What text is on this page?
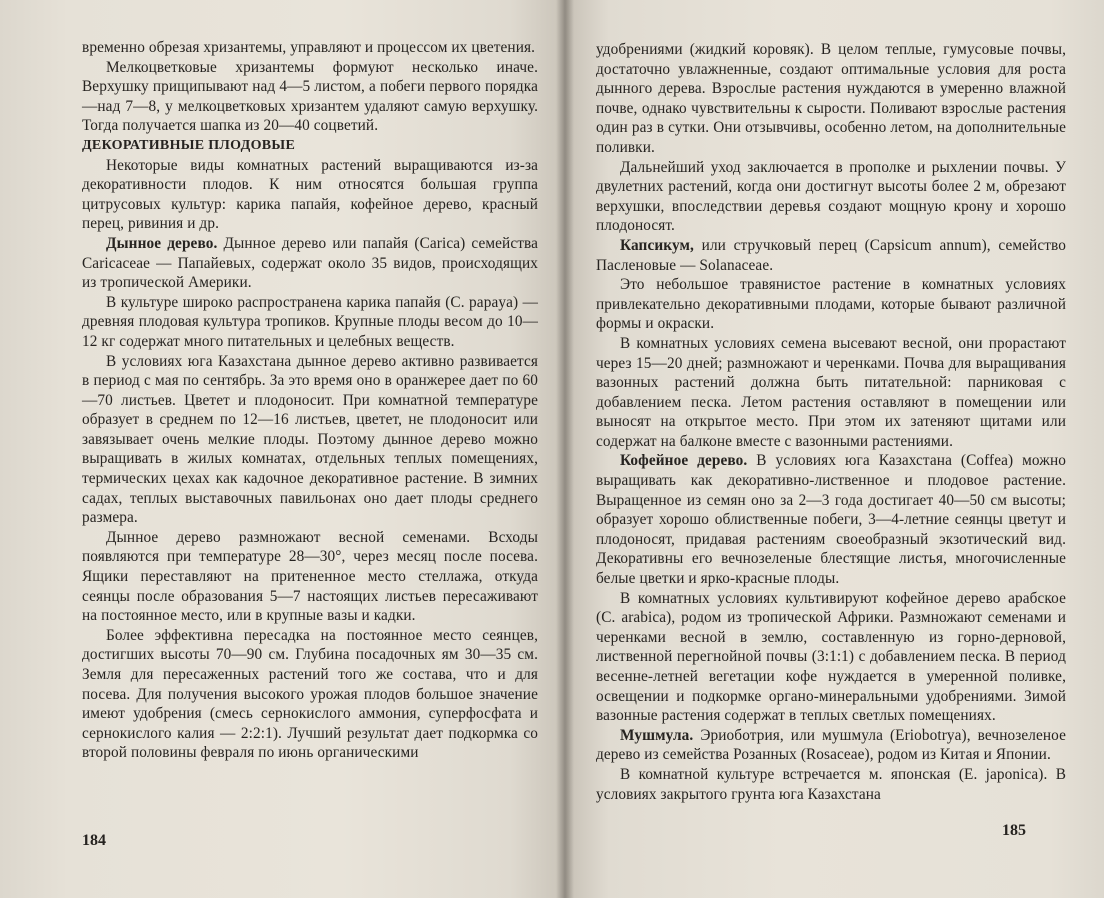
временно обрезая хризантемы, управляют и процессом их цветения.

Мелкоцветковые хризантемы формуют несколько иначе. Верхушку прищипывают над 4—5 листом, а побеги первого порядка—над 7—8, у мелкоцветковых хризантем удаляют самую верхушку. Тогда получается шапка из 20—40 соцветий.

ДЕКОРАТИВНЫЕ ПЛОДОВЫЕ

Некоторые виды комнатных растений выращиваются из-за декоративности плодов. К ним относятся большая группа цитрусовых культур: карика папайя, кофейное дерево, красный перец, ривиния и др.

Дынное дерево. Дынное дерево или папайя (Carica) семейства Caricaceae — Папайевых, содержат около 35 видов, происходящих из тропической Америки.

В культуре широко распространена карика папайя (C. papaya) — древняя плодовая культура тропиков. Крупные плоды весом до 10—12 кг содержат много питательных и целебных веществ.

В условиях юга Казахстана дынное дерево активно развивается в период с мая по сентябрь. За это время оно в оранжерее дает по 60—70 листьев. Цветет и плодоносит. При комнатной температуре образует в среднем по 12—16 листьев, цветет, не плодоносит или завязывает очень мелкие плоды. Поэтому дынное дерево можно выращивать в жилых комнатах, отдельных теплых помещениях, термических цехах как кадочное декоративное растение. В зимних садах, теплых выставочных павильонах оно дает плоды среднего размера.

Дынное дерево размножают весной семенами. Всходы появляются при температуре 28—30°, через месяц после посева. Ящики переставляют на притененное место стеллажа, откуда сеянцы после образования 5—7 настоящих листьев пересаживают на постоянное место, или в крупные вазы и кадки.

Более эффективна пересадка на постоянное место сеянцев, достигших высоты 70—90 см. Глубина посадочных ям 30—35 см. Земля для пересаженных растений того же состава, что и для посева. Для получения высокого урожая плодов большое значение имеют удобрения (смесь сернокислого аммония, суперфосфата и сернокислого калия — 2:2:1). Лучший результат дает подкормка со второй половины февраля по июнь органическими

184

удобрениями (жидкий коровяк). В целом теплые, гумусовые почвы, достаточно увлажненные, создают оптимальные условия для роста дынного дерева. Взрослые растения нуждаются в умеренно влажной почве, однако чувствительны к сырости. Поливают взрослые растения один раз в сутки. Они отзывчивы, особенно летом, на дополнительные поливки.

Дальнейший уход заключается в прополке и рыхлении почвы. У двулетних растений, когда они достигнут высоты более 2 м, обрезают верхушки, впоследствии деревья создают мощную крону и хорошо плодоносят.

Капсикум, или стручковый перец (Capsicum annum), семейство Пасленовые — Solanaceae.

Это небольшое травянистое растение в комнатных условиях привлекательно декоративными плодами, которые бывают различной формы и окраски.

В комнатных условиях семена высевают весной, они прорастают через 15—20 дней; размножают и черенками. Почва для выращивания вазонных растений должна быть питательной: парниковая с добавлением песка. Летом растения оставляют в помещении или выносят на открытое место. При этом их затеняют щитами или содержат на балконе вместе с вазонными растениями.

Кофейное дерево. В условиях юга Казахстана (Coffea) можно выращивать как декоративно-лиственное и плодовое растение. Выращенное из семян оно за 2—3 года достигает 40—50 см высоты; образует хорошо облиственные побеги, 3—4-летние сеянцы цветут и плодоносят, придавая растениям своеобразный экзотический вид. Декоративны его вечнозеленые блестящие листья, многочисленные белые цветки и ярко-красные плоды.

В комнатных условиях культивируют кофейное дерево арабское (C. arabica), родом из тропической Африки. Размножают семенами и черенками весной в землю, составленную из горно-дерновой, лиственной перегнойной почвы (3:1:1) с добавлением песка. В период весенне-летней вегетации кофе нуждается в умеренной поливке, освещении и подкормке органо-минеральными удобрениями. Зимой вазонные растения содержат в теплых светлых помещениях.

Мушмула. Эриоботрия, или мушмула (Eriobotrya), вечнозеленое дерево из семейства Розанных (Rosaceae), родом из Китая и Японии.

В комнатной культуре встречается м. японская (E. japonica). В условиях закрытого грунта юга Казахстана

185
